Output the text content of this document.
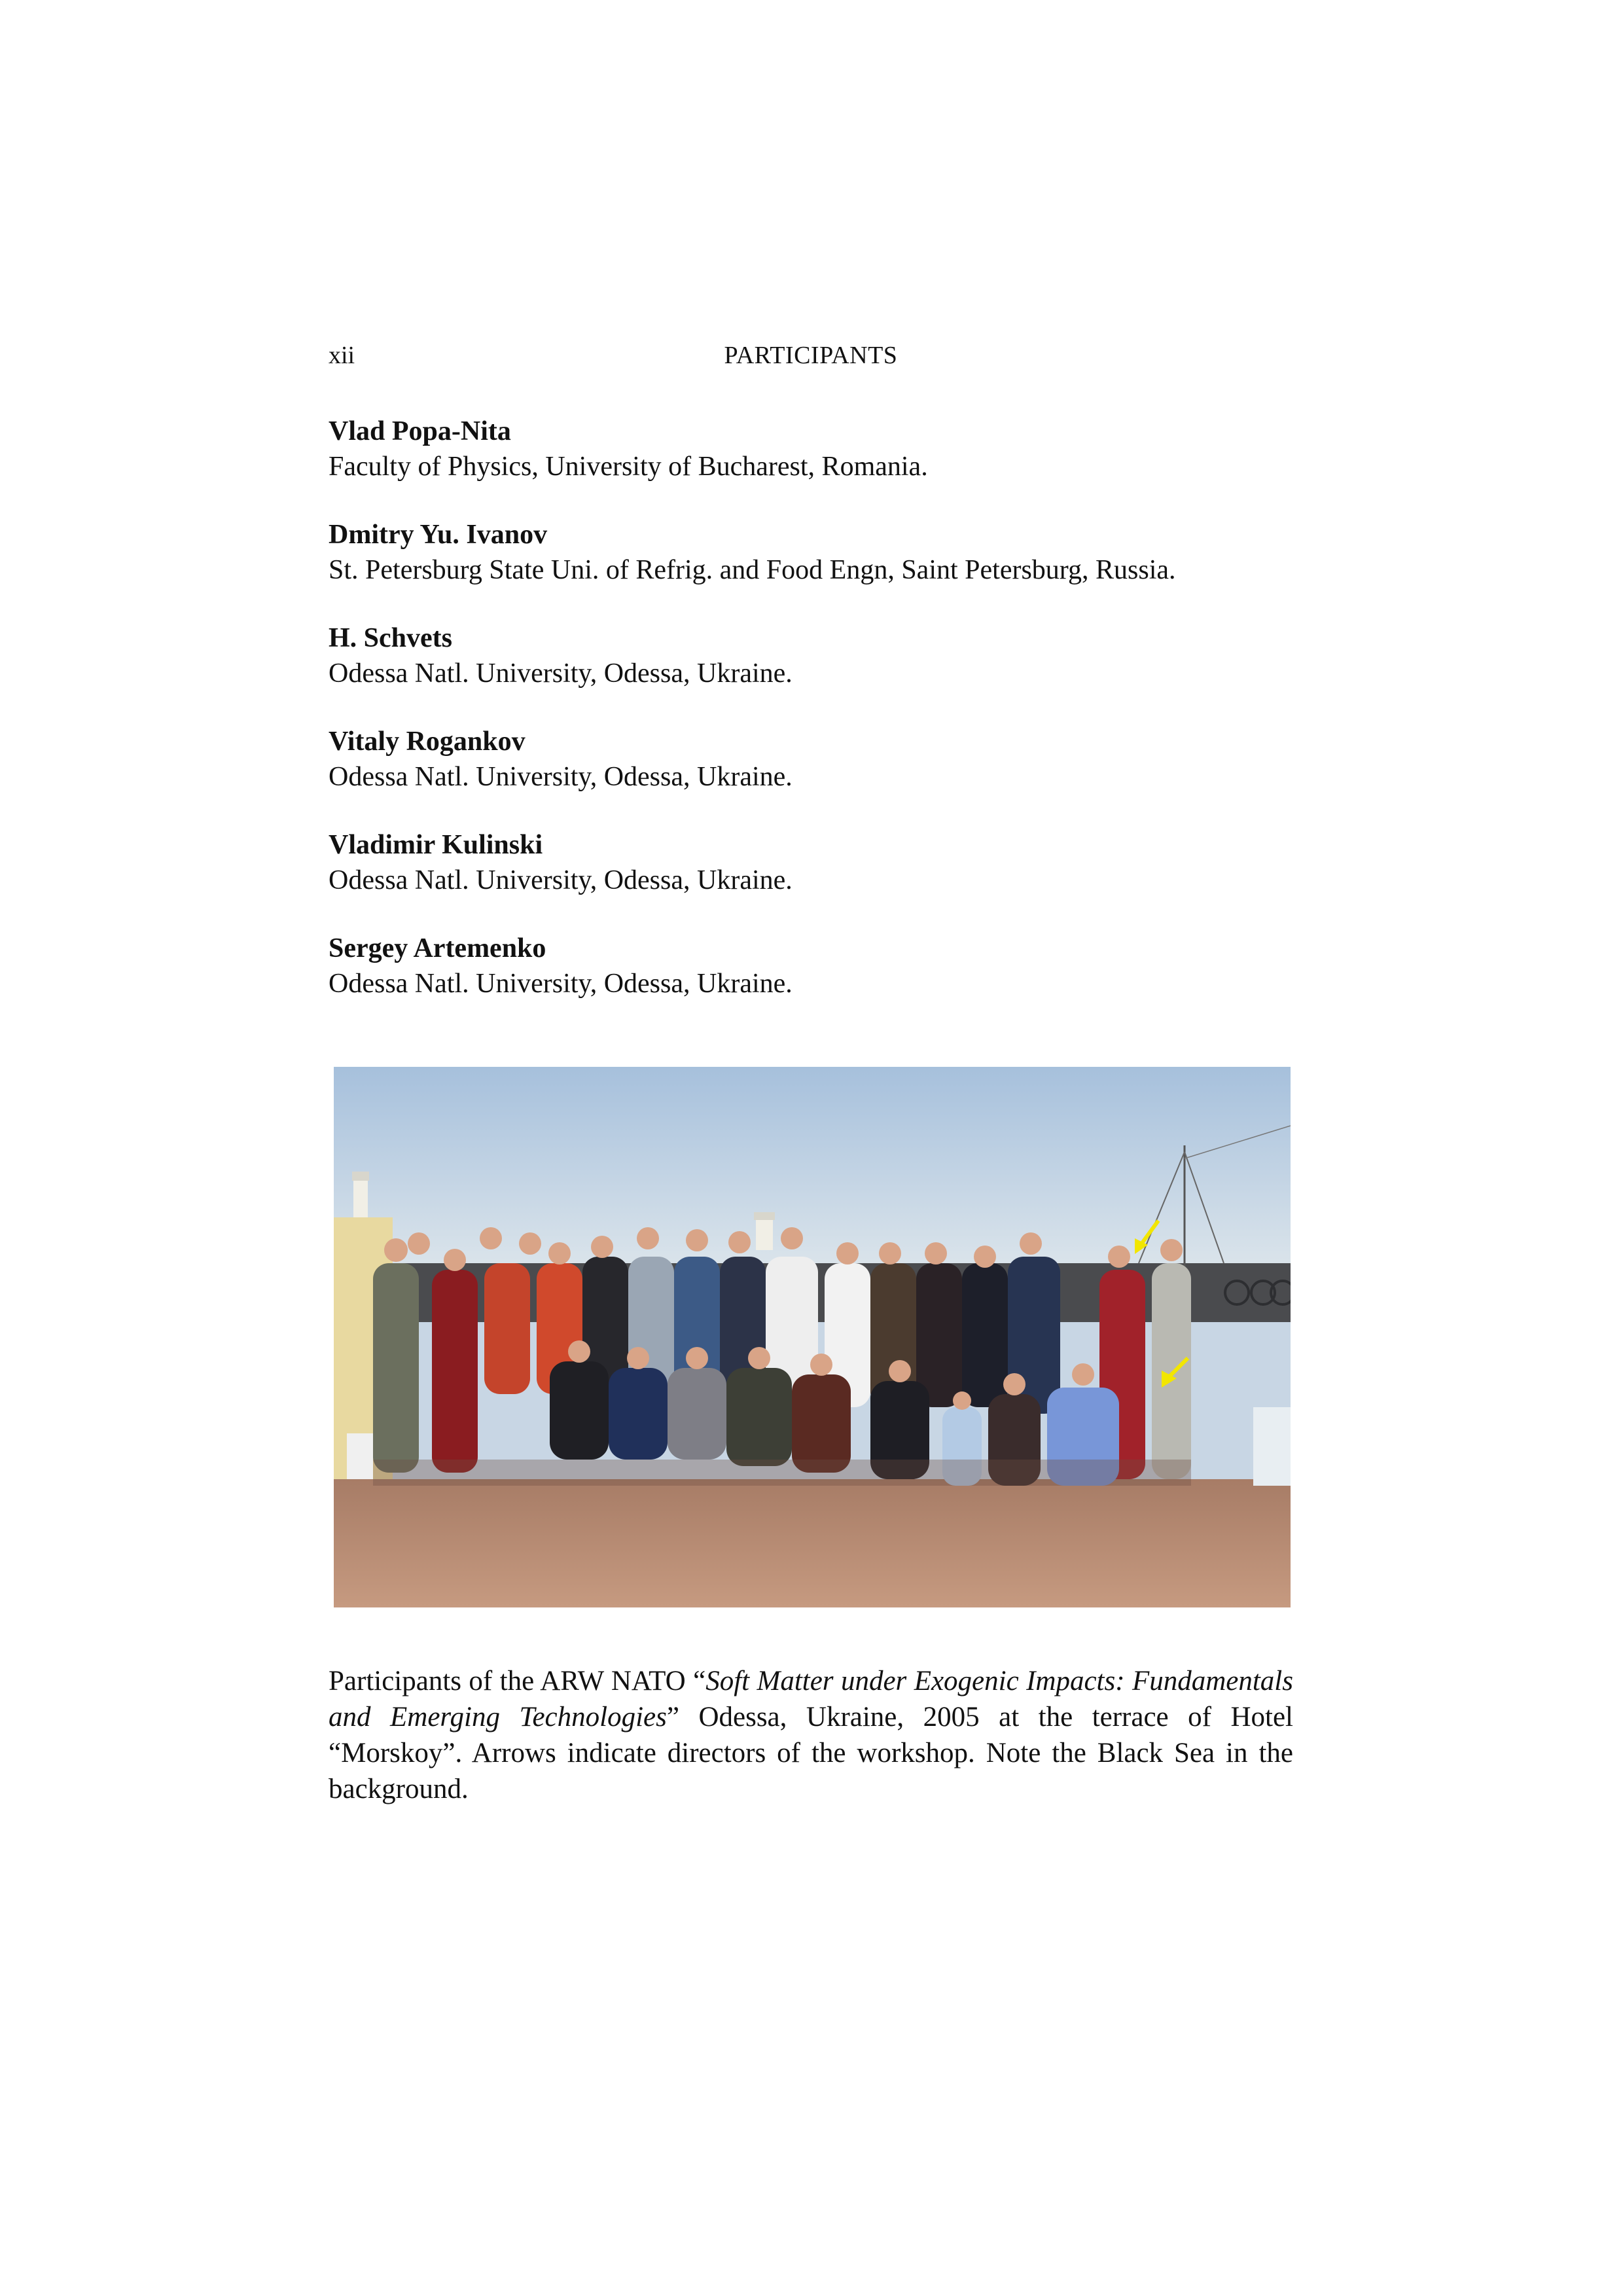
xii	PARTICIPANTS
Vlad Popa-Nita
Faculty of Physics, University of Bucharest, Romania.
Dmitry Yu. Ivanov
St. Petersburg State Uni. of Refrig. and Food Engn, Saint Petersburg, Russia.
H. Schvets
Odessa Natl. University, Odessa, Ukraine.
Vitaly Rogankov
Odessa Natl. University, Odessa, Ukraine.
Vladimir Kulinski
Odessa Natl. University, Odessa, Ukraine.
Sergey Artemenko
Odessa Natl. University, Odessa, Ukraine.

Participants of the ARW NATO “Soft Matter under Exogenic Impacts: Fundamentals and Emerging Technologies” Odessa, Ukraine, 2005 at the terrace of Hotel “Morskoy”. Arrows indicate directors of the workshop. Note the Black Sea in the background.
